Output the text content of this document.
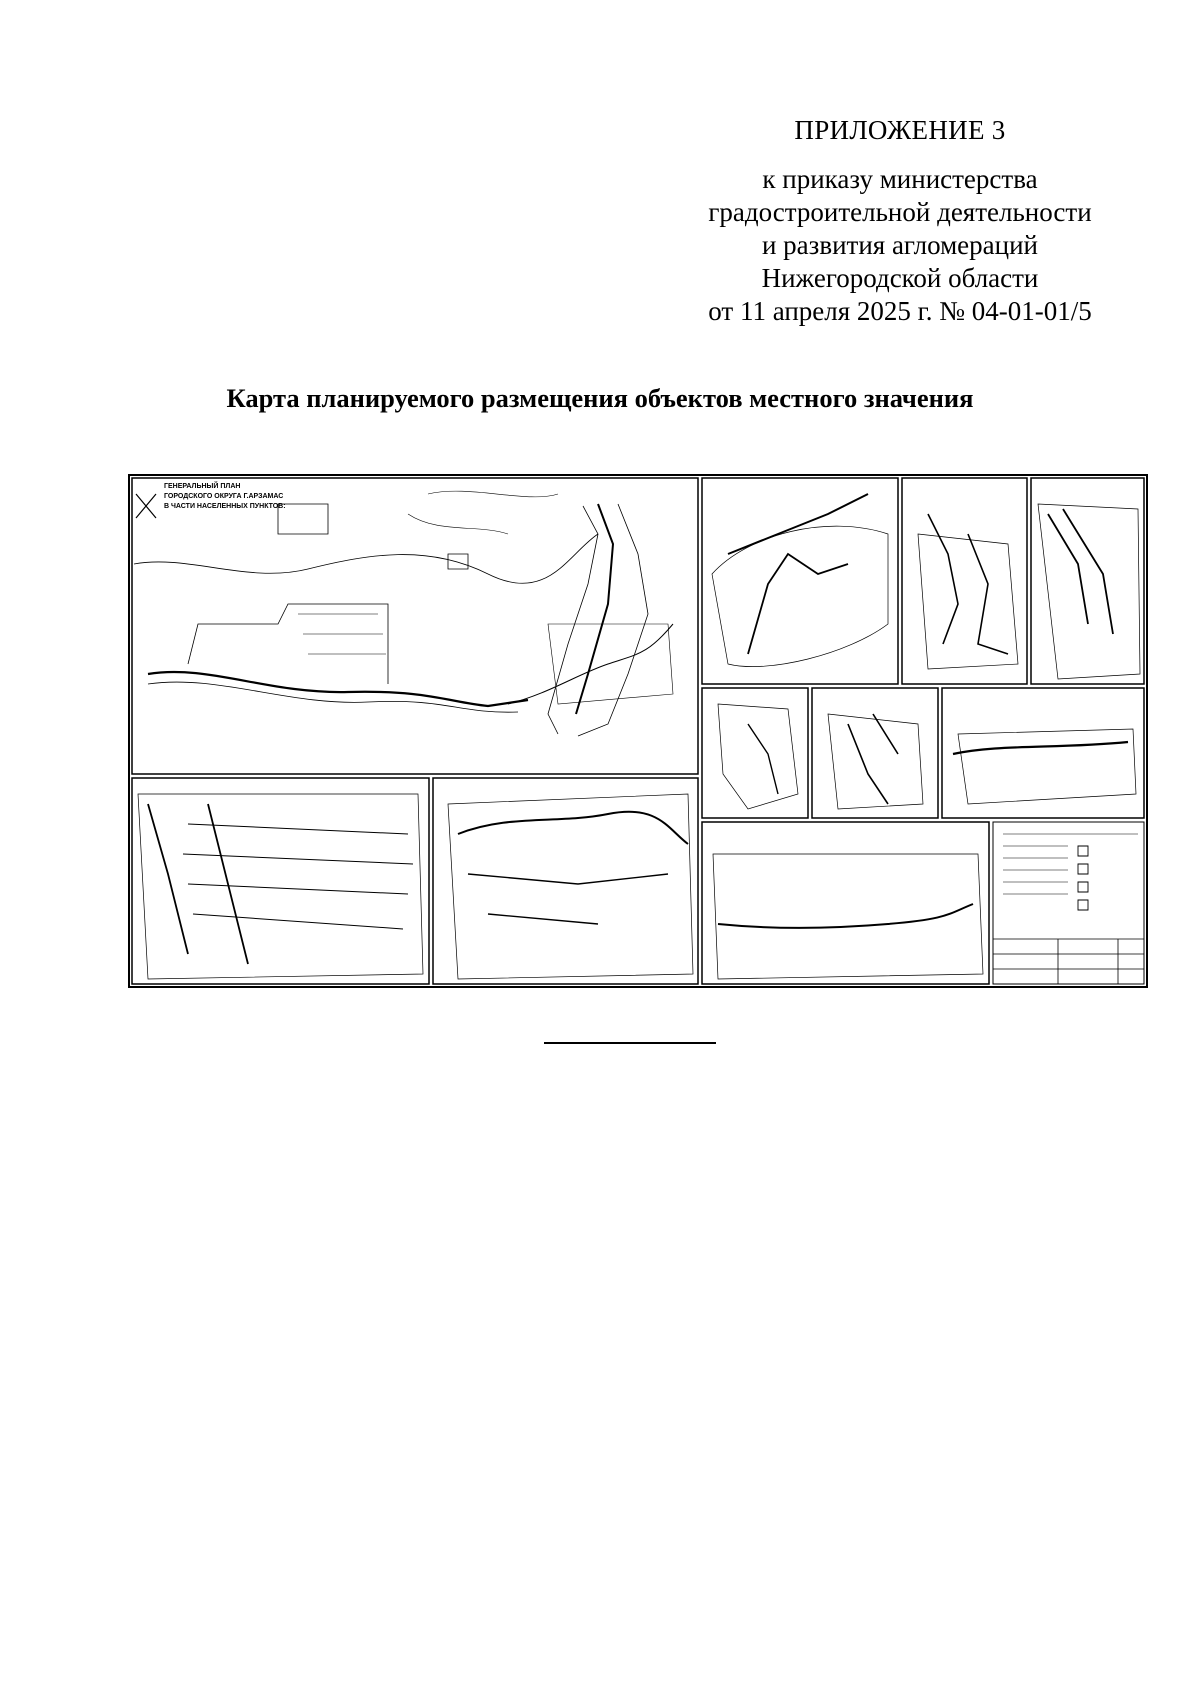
ПРИЛОЖЕНИЕ 3
к приказу министерства
градостроительной деятельности
и развития агломераций
Нижегородской области
от 11 апреля 2025 г. № 04-01-01/5
Карта планируемого размещения объектов местного значения
ГЕНЕРАЛЬНЫЙ ПЛАН
ГОРОДСКОГО ОКРУГА Г.АРЗАМАС
В ЧАСТИ НАСЕЛЕННЫХ ПУНКТОВ:
